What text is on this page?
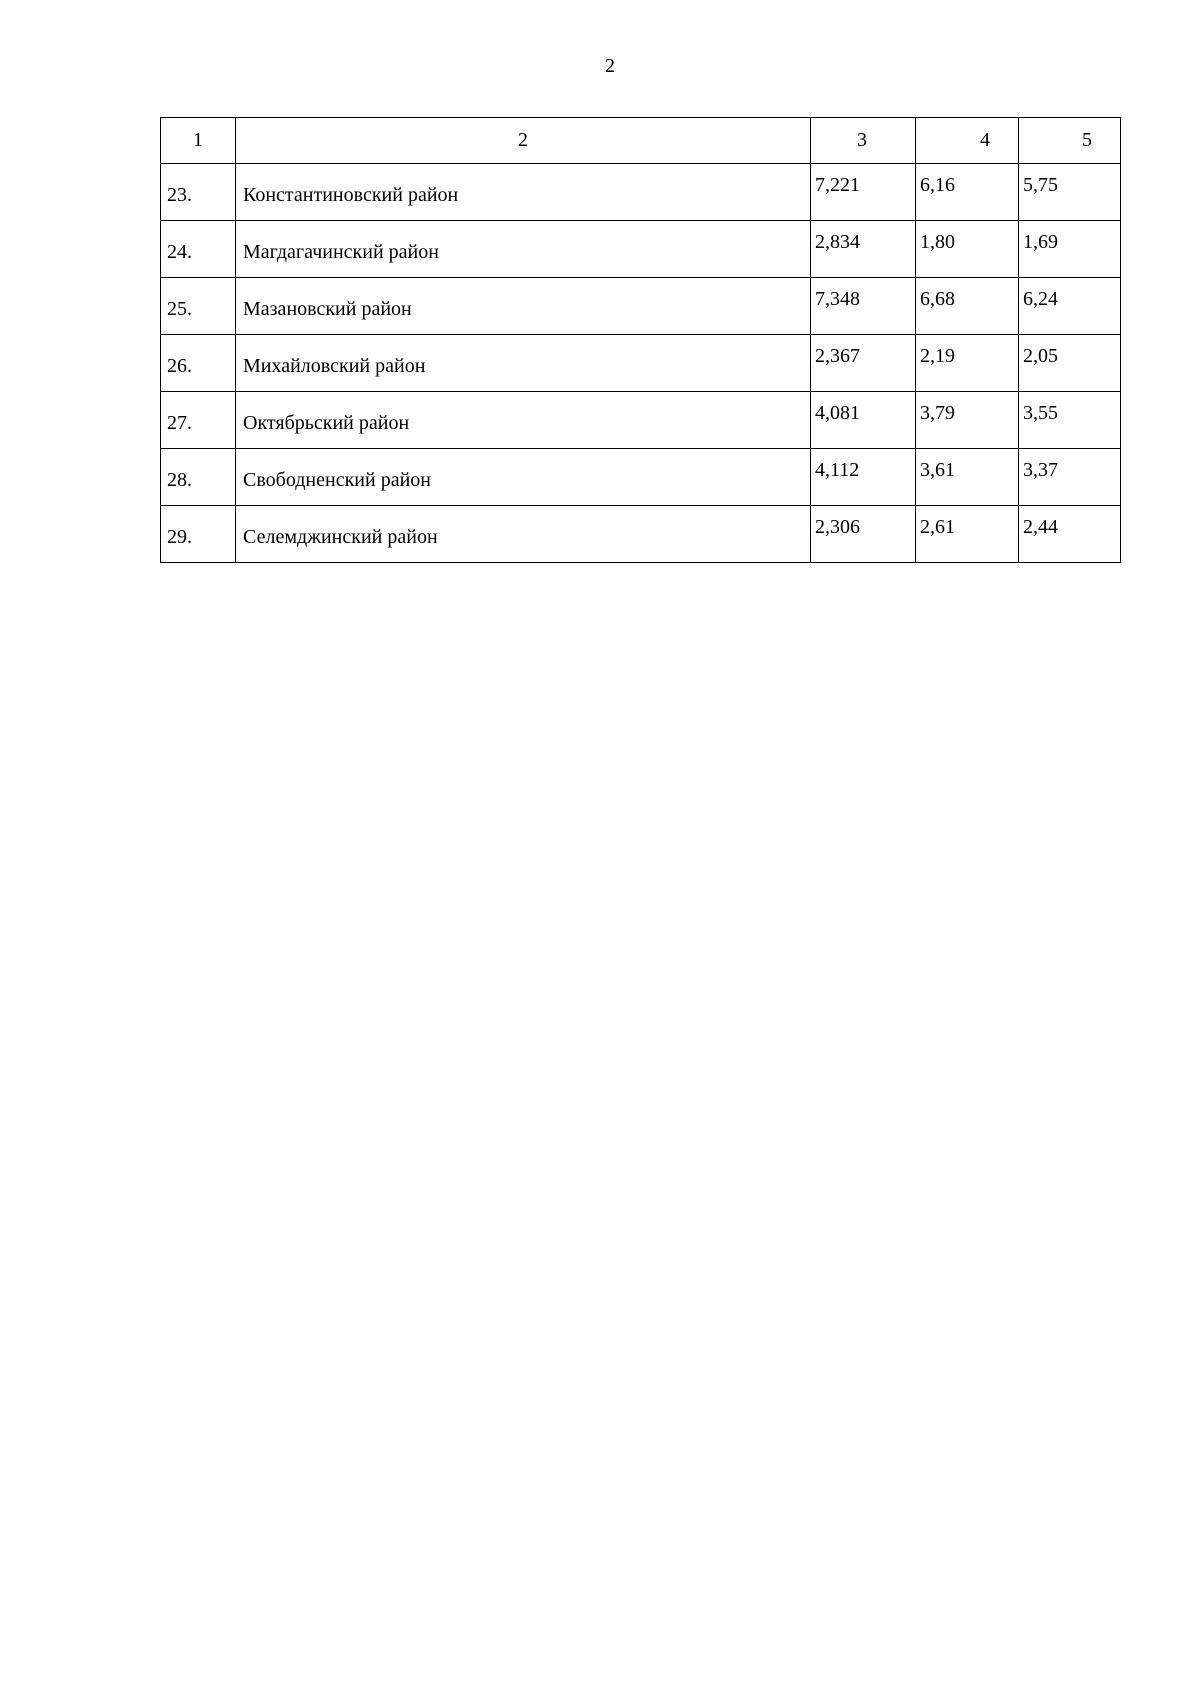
2
1	2	3	4	5
23.	Константиновский район	7,221	6,16	5,75
24.	Магдагачинский район	2,834	1,80	1,69
25.	Мазановский район	7,348	6,68	6,24
26.	Михайловский район	2,367	2,19	2,05
27.	Октябрьский район	4,081	3,79	3,55
28.	Свободненский район	4,112	3,61	3,37
29.	Селемджинский район	2,306	2,61	2,44
